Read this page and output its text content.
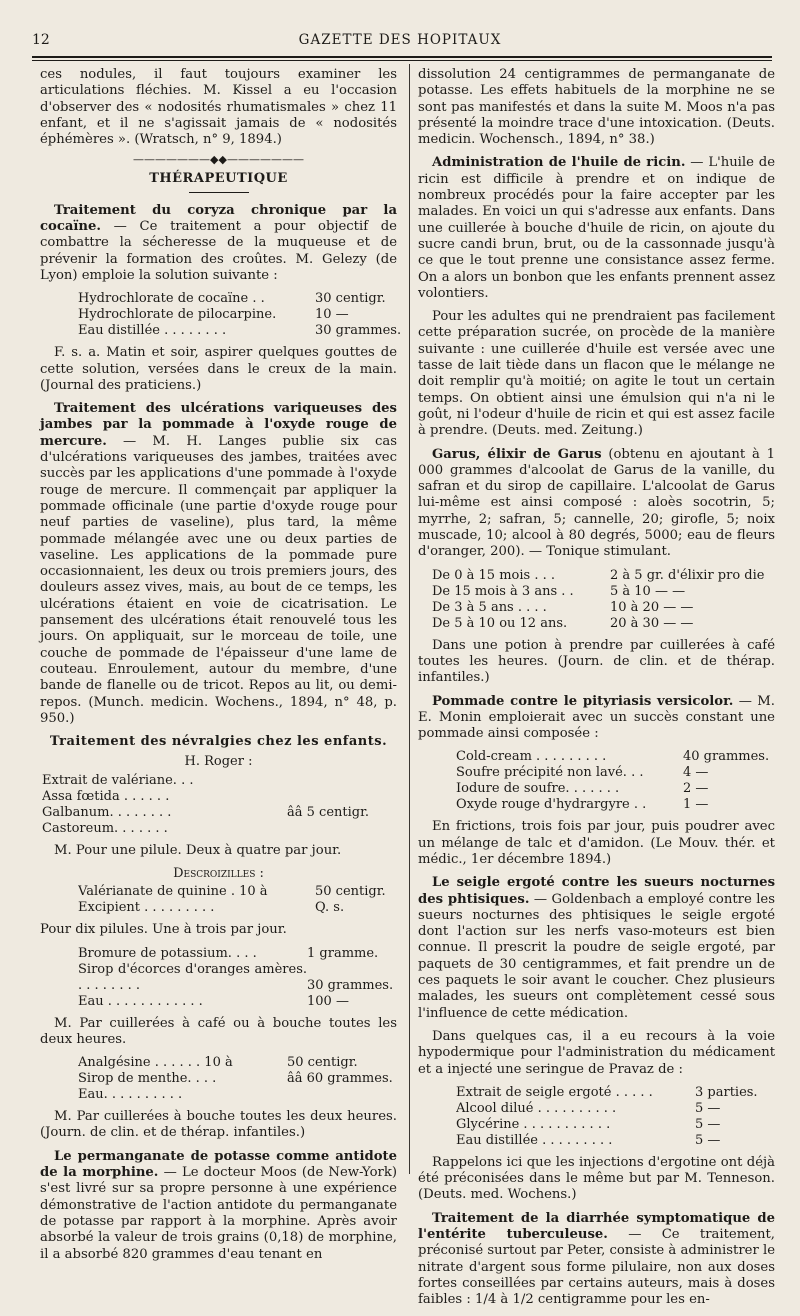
12	GAZETTE DES HOPITAUX

ces nodules, il faut toujours examiner les articulations fléchies. M. Kissel a eu l'occasion d'observer des « nodosités rhumatismales » chez 11 enfant, et il ne s'agissait jamais de « nodosités éphémères ». (Wratsch, n° 9, 1894.)

———————◆◆———————
THÉRAPEUTIQUE

Traitement du coryza chronique par la cocaïne. — Ce traitement a pour objectif de combattre la sécheresse de la muqueuse et de prévenir la formation des croûtes. M. Gelezy (de Lyon) emploie la solution suivante :

Hydrochlorate de cocaïne . .	30 centigr.
Hydrochlorate de pilocarpine.	10 —
Eau distillée . . . . . . . .	30 grammes.

F. s. a. Matin et soir, aspirer quelques gouttes de cette solution, versées dans le creux de la main. (Journal des praticiens.)

Traitement des ulcérations variqueuses des jambes par la pommade à l'oxyde rouge de mercure. — M. H. Langes publie six cas d'ulcérations variqueuses des jambes, traitées avec succès par les applications d'une pommade à l'oxyde rouge de mercure. Il commençait par appliquer la pommade officinale (une partie d'oxyde rouge pour neuf parties de vaseline), plus tard, la même pommade mélangée avec une ou deux parties de vaseline. Les applications de la pommade pure occasionnaient, les deux ou trois premiers jours, des douleurs assez vives, mais, au bout de ce temps, les ulcérations étaient en voie de cicatrisation. Le pansement des ulcérations était renouvelé tous les jours. On appliquait, sur le morceau de toile, une couche de pommade de l'épaisseur d'une lame de couteau. Enroulement, autour du membre, d'une bande de flanelle ou de tricot. Repos au lit, ou demi-repos. (Munch. medicin. Wochens., 1894, n° 48, p. 950.)

Traitement des névralgies chez les enfants.
H. Roger :
Extrait de valériane. . .
Assa fœtida . . . . . .
Galbanum. . . . . . . .	ââ 5 centigr.
Castoreum. . . . . . .

M. Pour une pilule. Deux à quatre par jour.

Descroizilles :
Valérianate de quinine . 10 à	50 centigr.
Excipient . . . . . . . . .	Q. s.

Pour dix pilules. Une à trois par jour.

Bromure de potassium. . . .	1 gramme.
Sirop d'écorces d'oranges amères. . . . . . . . .	30 grammes.
Eau . . . . . . . . . . . .	100 —

M. Par cuillerées à café ou à bouche toutes les deux heures.

Analgésine . . . . . . 10 à	50 centigr.
Sirop de menthe. . . .	ââ 60 grammes.
Eau. . . . . . . . . .

M. Par cuillerées à bouche toutes les deux heures. (Journ. de clin. et de thérap. infantiles.)

Le permanganate de potasse comme antidote de la morphine. — Le docteur Moos (de New-York) s'est livré sur sa propre personne à une expérience démonstrative de l'action antidote du permanganate de potasse par rapport à la morphine. Après avoir absorbé la valeur de trois grains (0,18) de morphine, il a absorbé 820 grammes d'eau tenant en

dissolution 24 centigrammes de permanganate de potasse. Les effets habituels de la morphine ne se sont pas manifestés et dans la suite M. Moos n'a pas présenté la moindre trace d'une intoxication. (Deuts. medicin. Wochensch., 1894, n° 38.)

Administration de l'huile de ricin. — L'huile de ricin est difficile à prendre et on indique de nombreux procédés pour la faire accepter par les malades. En voici un qui s'adresse aux enfants. Dans une cuillerée à bouche d'huile de ricin, on ajoute du sucre candi brun, brut, ou de la cassonnade jusqu'à ce que le tout prenne une consistance assez ferme. On a alors un bonbon que les enfants prennent assez volontiers.

Pour les adultes qui ne prendraient pas facilement cette préparation sucrée, on procède de la manière suivante : une cuillerée d'huile est versée avec une tasse de lait tiède dans un flacon que le mélange ne doit remplir qu'à moitié; on agite le tout un certain temps. On obtient ainsi une émulsion qui n'a ni le goût, ni l'odeur d'huile de ricin et qui est assez facile à prendre. (Deuts. med. Zeitung.)

Garus, élixir de Garus (obtenu en ajoutant à 1 000 grammes d'alcoolat de Garus de la vanille, du safran et du sirop de capillaire. L'alcoolat de Garus lui-même est ainsi composé : aloès socotrin, 5; myrrhe, 2; safran, 5; cannelle, 20; girofle, 5; noix muscade, 10; alcool à 80 degrés, 5000; eau de fleurs d'oranger, 200). — Tonique stimulant.

De 0 à 15 mois . . .	2 à 5 gr. d'élixir pro die
De 15 mois à 3 ans . .	5 à 10 — —
De 3 à 5 ans . . . .	10 à 20 — —
De 5 à 10 ou 12 ans.	20 à 30 — —

Dans une potion à prendre par cuillerées à café toutes les heures. (Journ. de clin. et de thérap. infantiles.)

Pommade contre le pityriasis versicolor. — M. E. Monin emploierait avec un succès constant une pommade ainsi composée :

Cold-cream . . . . . . . . .	40 grammes.
Soufre précipité non lavé. . .	4 —
Iodure de soufre. . . . . . .	2 —
Oxyde rouge d'hydrargyre . .	1 —

En frictions, trois fois par jour, puis poudrer avec un mélange de talc et d'amidon. (Le Mouv. thér. et médic., 1er décembre 1894.)

Le seigle ergoté contre les sueurs nocturnes des phtisiques. — Goldenbach a employé contre les sueurs nocturnes des phtisiques le seigle ergoté dont l'action sur les nerfs vaso-moteurs est bien connue. Il prescrit la poudre de seigle ergoté, par paquets de 30 centigrammes, et fait prendre un de ces paquets le soir avant le coucher. Chez plusieurs malades, les sueurs ont complètement cessé sous l'influence de cette médication.

Dans quelques cas, il a eu recours à la voie hypodermique pour l'administration du médicament et a injecté une seringue de Pravaz de :

Extrait de seigle ergoté . . . . .	3 parties.
Alcool dilué . . . . . . . . . .	5 —
Glycérine . . . . . . . . . . .	5 —
Eau distillée . . . . . . . . .	5 —

Rappelons ici que les injections d'ergotine ont déjà été préconisées dans le même but par M. Tenneson. (Deuts. med. Wochens.)

Traitement de la diarrhée symptomatique de l'entérite tuberculeuse. — Ce traitement, préconisé surtout par Peter, consiste à administrer le nitrate d'argent sous forme pilulaire, non aux doses fortes conseillées par certains auteurs, mais à doses faibles : 1/4 à 1/2 centigramme pour les en-
